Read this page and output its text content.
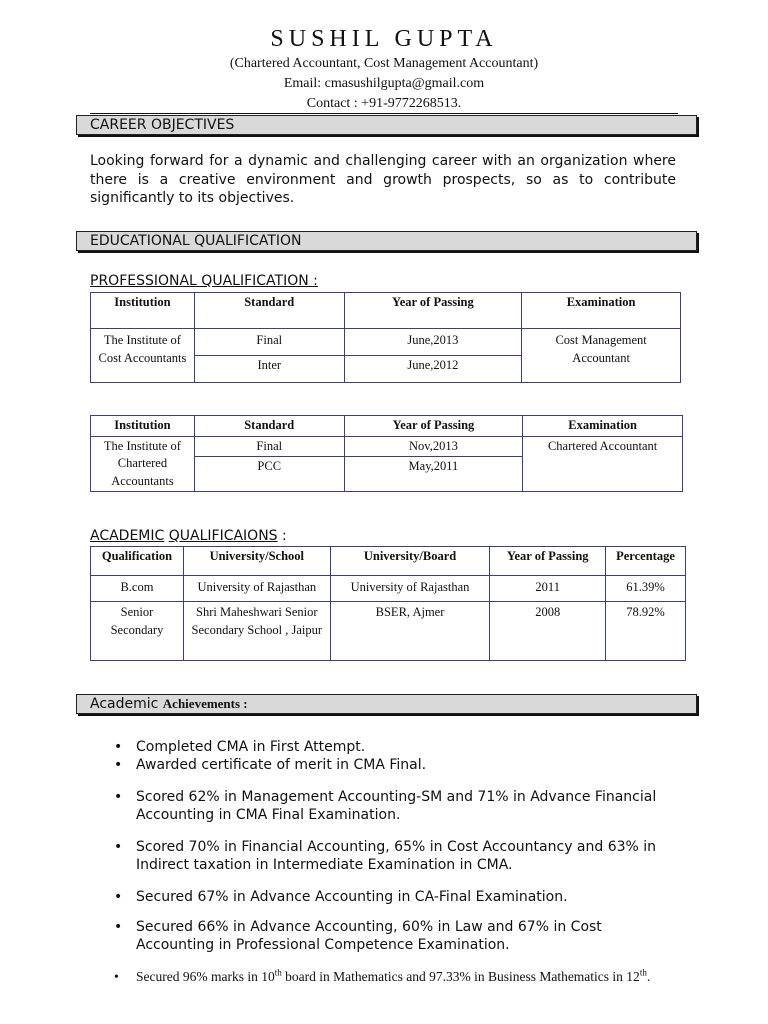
SUSHIL GUPTA
(Chartered Accountant, Cost Management Accountant)
Email: cmasushilgupta@gmail.com
Contact : +91-9772268513.
CAREER OBJECTIVES
Looking forward for a dynamic and challenging career with an organization where there is a creative environment and growth prospects, so as to contribute significantly to its objectives.
EDUCATIONAL QUALIFICATION
PROFESSIONAL QUALIFICATION :
Institution	Standard	Year of Passing	Examination
The Institute of Cost Accountants	Final	June,2013	Cost Management Accountant
	Inter	June,2012	
Institution	Standard	Year of Passing	Examination
The Institute of Chartered Accountants	Final	Nov,2013	Chartered Accountant
	PCC	May,2011	
ACADEMIC QUALIFICAIONS :
Qualification	University/School	University/Board	Year of Passing	Percentage
B.com	University of Rajasthan	University of Rajasthan	2011	61.39%
Senior Secondary	Shri Maheshwari Senior Secondary School , Jaipur	BSER, Ajmer	2008	78.92%
Academic Achievements :
• Completed CMA in First Attempt.
• Awarded certificate of merit in CMA Final.
• Scored 62% in Management Accounting-SM and 71% in Advance Financial Accounting in CMA Final Examination.
• Scored 70% in Financial Accounting, 65% in Cost Accountancy and 63% in Indirect taxation in Intermediate Examination in CMA.
• Secured 67% in Advance Accounting in CA-Final Examination.
• Secured 66% in Advance Accounting, 60% in Law and 67% in Cost Accounting in Professional Competence Examination.
• Secured 96% marks in 10th board in Mathematics and 97.33% in Business Mathematics in 12th.
